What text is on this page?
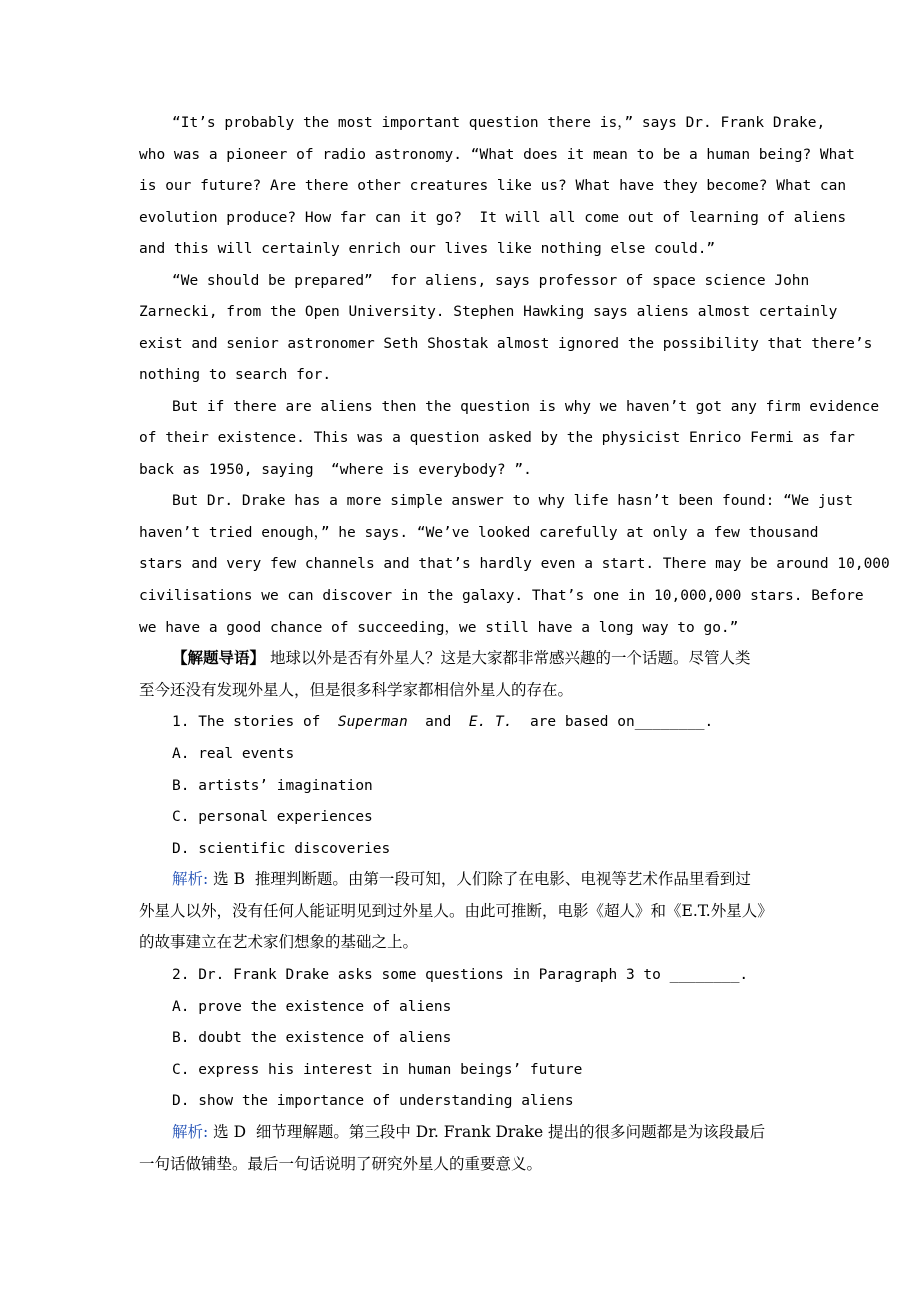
“It’s probably the most important question there is，” says Dr. Frank Drake,
who was a pioneer of radio astronomy. “What does it mean to be a human being? What
is our future? Are there other creatures like us? What have they become? What can
evolution produce? How far can it go?  It will all come out of learning of aliens
and this will certainly enrich our lives like nothing else could.”
“We should be prepared”  for aliens, says professor of space science John
Zarnecki, from the Open University. Stephen Hawking says aliens almost certainly
exist and senior astronomer Seth Shostak almost ignored the possibility that there’s
nothing to search for.
But if there are aliens then the question is why we haven’t got any firm evidence
of their existence. This was a question asked by the physicist Enrico Fermi as far
back as 1950, saying  “where is everybody? ”.
But Dr. Drake has a more simple answer to why life hasn’t been found: “We just
haven’t tried enough，” he says. “We’ve looked carefully at only a few thousand
stars and very few channels and that’s hardly even a start. There may be around 10,000
civilisations we can discover in the galaxy. That’s one in 10,000,000 stars. Before
we have a good chance of succeeding，we still have a long way to go.”
【解题导语】 地球以外是否有外星人？这是大家都非常感兴趣的一个话题。尽管人类
至今还没有发现外星人，但是很多科学家都相信外星人的存在。
1. The stories of  Superman  and  E. T.  are based on________.
A. real events
B. artists’ imagination
C. personal experiences
D. scientific discoveries
解析: 选 B  推理判断题。由第一段可知，人们除了在电影、电视等艺术作品里看到过
外星人以外，没有任何人能证明见到过外星人。由此可推断，电影《超人》和《E.T.外星人》
的故事建立在艺术家们想象的基础之上。
2. Dr. Frank Drake asks some questions in Paragraph 3 to ________.
A. prove the existence of aliens
B. doubt the existence of aliens
C. express his interest in human beings’ future
D. show the importance of understanding aliens
解析: 选 D  细节理解题。第三段中 Dr. Frank Drake 提出的很多问题都是为该段最后
一句话做铺垫。最后一句话说明了研究外星人的重要意义。
